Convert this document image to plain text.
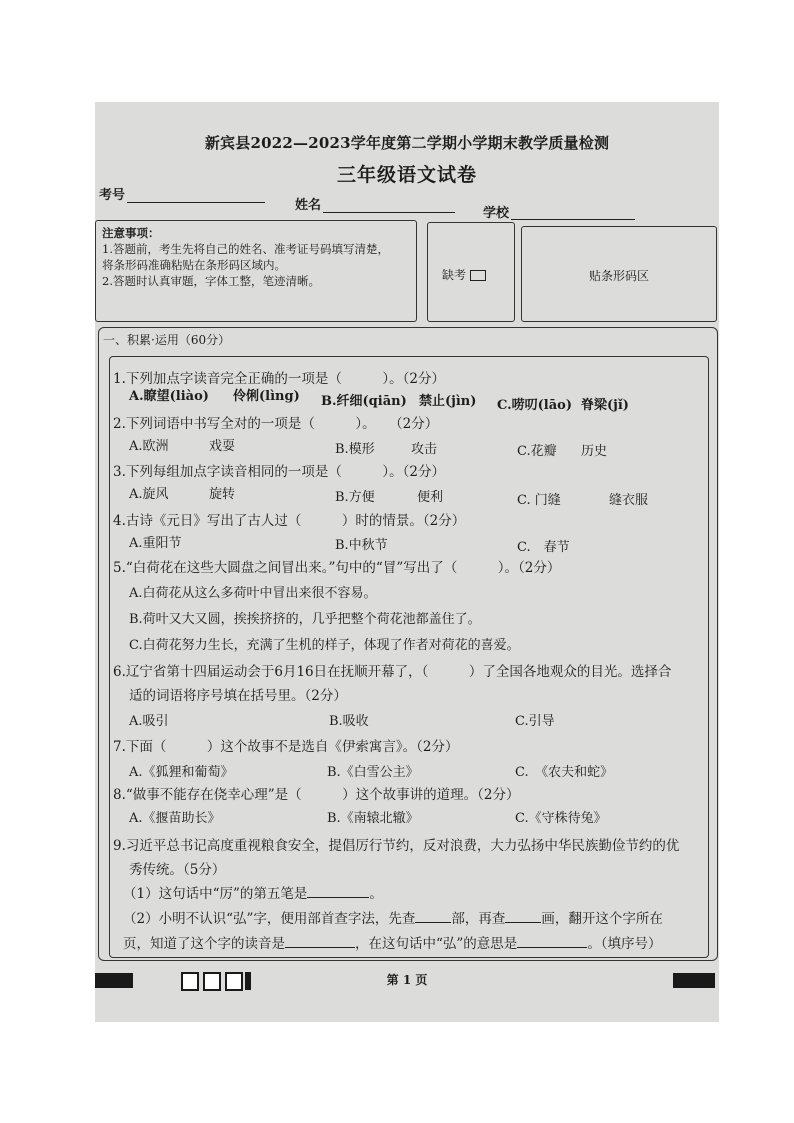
新宾县2022—2023学年度第二学期小学期末教学质量检测
三年级语文试卷
考号
姓名
学校

注意事项：

1.答题前，考生先将自己的姓名、准考证号码填写清楚，将条形码准确粘贴在条形码区域内。

2.答题时认真审题，字体工整，笔迹清晰。	缺考	贴条形码区
一、积累·运用（60分）
1.下列加点字读音完全正确的一项是（　　　）。（2分）
A.瞭望(liào) 伶俐(lìng) B.纤细(qiān) 禁止(jìn) C.唠叨(lāo) 脊梁(jǐ)
2.下列词语中书写全对的一项是（　　　）。　　（2分）
A.欧洲	戏耍	B.模形	攻击	C.花瓣 历史
3.下列每组加点字读音相同的一项是（　　　）。（2分）
A.旋风	旋转	B.方便	便利	C. 门缝	缝衣服
4.古诗《元日》写出了古人过（　　　）时的情景。（2分）
A.重阳节	B.中秋节	C.　春节
5.“白荷花在这些大圆盘之间冒出来。”句中的“冒”写出了（　　　）。（2分）
A.白荷花从这么多荷叶中冒出来很不容易。
B.荷叶又大又圆，挨挨挤挤的，几乎把整个荷花池都盖住了。
C.白荷花努力生长，充满了生机的样子，体现了作者对荷花的喜爱。
6.辽宁省第十四届运动会于6月16日在抚顺开幕了，（　　　）了全国各地观众的目光。选择合
适的词语将序号填在括号里。（2分）
A.吸引	B.吸收	C.引导
7.下面（　　　）这个故事不是选自《伊索寓言》。（2分）
A.《狐狸和葡萄》	B.《白雪公主》	C.　《农夫和蛇》
8.“做事不能存在侥幸心理”是（　　　）这个故事讲的道理。（2分）
A.《揠苗助长》	B.《南辕北辙》	C.《守株待兔》
9.习近平总书记高度重视粮食安全，提倡厉行节约，反对浪费，大力弘扬中华民族勤俭节约的优
秀传统。（5分）
（1）这句话中“厉”的第五笔是	。
（2）小明不认识“弘”字，便用部首查字法，先查	部，再查	画，翻开这个字所在
页，知道了这个字的读音是	，在这句话中“弘”的意思是	。（填序号）
第 1 页
